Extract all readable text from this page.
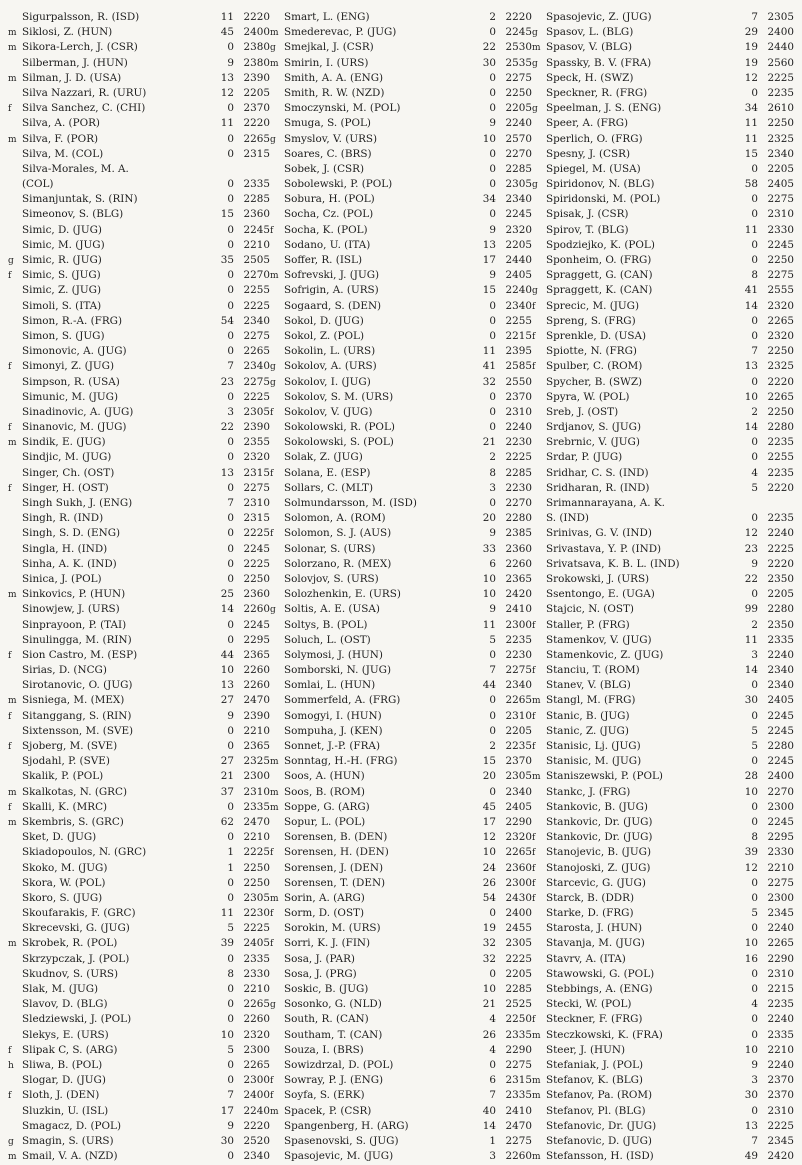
Sigurpalsson, R. (ISD)	11 2220
m Siklosi, Z. (HUN)	45 2400
m Sikora-Lerch, J. (CSR)	0 2380
Silberman, J. (HUN)	9 2380
m Silman, J. D. (USA)	13 2390
Silva Nazzari, R. (URU)	12 2205
f	Silva Sanchez, C. (CHI)	0 2370
Silva, A. (POR)	11 2220
m Silva, F. (POR)	0 2265
Silva, M. (COL)	0 2315
Silva-Morales, M. A.
(COL)	0 2335
Simanjuntak, S. (RIN)	0 2285
Simeonov, S. (BLG)	15 2360
Simic, D. (JUG)	0 2245
Simic, M. (JUG)	0 2210
g Simic, R. (JUG)	35 2505
f	Simic, S. (JUG)	0 2270
Simic, Z. (JUG)	0 2255
Simoli, S. (ITA)	0 2225
Simon, R.-A. (FRG)	54 2340
Simon, S. (JUG)	0 2275
Simonovic, A. (JUG)	0 2265
f	Simonyi, Z. (JUG)	7 2340
Simpson, R. (USA)	23 2275
Simunic, M. (JUG)	0 2225
Sinadinovic, A. (JUG)	3 2305
f	Sinanovic, M. (JUG)	22 2390
m Sindik, E. (JUG)	0 2355
Sindjic, M. (JUG)	0 2320
Singer, Ch. (OST)	13 2315
f	Singer, H. (OST)	0 2275
Singh Sukh, J. (ENG)	7 2310
Singh, R. (IND)	0 2315
Singh, S. D. (ENG)	0 2225
Singla, H. (IND)	0 2245
Sinha, A. K. (IND)	0 2225
Sinica, J. (POL)	0 2250
m Sinkovics, P. (HUN)	25 2360
Sinowjew, J. (URS)	14 2260
Sinprayoon, P. (TAI)	0 2245
Sinulingga, M. (RIN)	0 2295
f	Sion Castro, M. (ESP)	44 2365
Sirias, D. (NCG)	10 2260
Sirotanovic, O. (JUG)	13 2260
m Sisniega, M. (MEX)	27 2470
f	Sitanggang, S. (RIN)	9 2390
Sixtensson, M. (SVE)	0 2210
f	Sjoberg, M. (SVE)	0 2365
Sjodahl, P. (SVE)	27 2325
Skalik, P. (POL)	21 2300
m Skalkotas, N. (GRC)	37 2310
f	Skalli, K. (MRC)	0 2335
m Skembris, S. (GRC)	62 2470
Sket, D. (JUG)	0 2210
Skiadopoulos, N. (GRC)	1 2225
Skoko, M. (JUG)	1 2250
Skora, W. (POL)	0 2250
Skoro, S. (JUG)	0 2305
Skoufarakis, F. (GRC)	11 2230
Skrecevski, G. (JUG)	5 2225
m Skrobek, R. (POL)	39 2405
Skrzypczak, J. (POL)	0 2335
Skudnov, S. (URS)	8 2330
Slak, M. (JUG)	0 2210
Slavov, D. (BLG)	0 2265
Sledziewski, J. (POL)	0 2260
Slekys, E. (URS)	10 2320
f	Slipak C, S. (ARG)	5 2300
h Sliwa, B. (POL)	0 2265
Slogar, D. (JUG)	0 2300
f	Sloth, J. (DEN)	7 2400
Sluzkin, U. (ISL)	17 2240
Smagacz, D. (POL)	9 2220
g Smagin, S. (URS)	30 2520
m Smail, V. A. (NZD)	0 2340
Smart, L. (ENG)	2 2220
m Smederevac, P. (JUG)	0 2245
g Smejkal, J. (CSR)	22 2530
m Smirin, I. (URS)	30 2535
Smith, A. A. (ENG)	0 2275
Smith, R. W. (NZD)	0 2250
Smoczynski, M. (POL)	0 2205
Smuga, S. (POL)	9 2240
g Smyslov, V. (URS)	10 2570
Soares, C. (BRS)	0 2270
Sobek, J. (CSR)	0 2285
Sobolewski, P. (POL)	0 2305
Sobura, H. (POL)	34 2340
Socha, Cz. (POL)	0 2245
f	Socha, K. (POL)	9 2320
Sodano, U. (ITA)	13 2205
Soffer, R. (ISL)	17 2440
m Sofrevski, J. (JUG)	9 2405
Sofrigin, A. (URS)	15 2240
Sogaard, S. (DEN)	0 2340
Sokol, D. (JUG)	0 2255
Sokol, Z. (POL)	0 2215
Sokolin, L. (URS)	11 2395
g Sokolov, A. (URS)	41 2585
g Sokolov, I. (JUG)	32 2550
Sokolov, S. M. (URS)	0 2370
f	Sokolov, V. (JUG)	0 2310
Sokolowski, R. (POL)	0 2240
Sokolowski, S. (POL)	21 2230
Solak, Z. (JUG)	2 2225
f	Solana, E. (ESP)	8 2285
Sollars, C. (MLT)	3 2230
Solmundarsson, M. (ISD)	0 2270
Solomon, A. (ROM)	20 2280
f	Solomon, S. J. (AUS)	9 2385
Solonar, S. (URS)	33 2360
Solorzano, R. (MEX)	6 2260
Solovjov, S. (URS)	10 2365
Solozhenkin, E. (URS)	10 2420
g Soltis, A. E. (USA)	9 2410
Soltys, B. (POL)	11 2300
Soluch, L. (OST)	5 2235
Solymosi, J. (HUN)	0 2230
Somborski, N. (JUG)	7 2275
Somlai, L. (HUN)	44 2340
Sommerfeld, A. (FRG)	0 2265
Somogyi, I. (HUN)	0 2310
Sompuha, J. (KEN)	0 2205
Sonnet, J.-P. (FRA)	2 2235
m Sonntag, H.-H. (FRG)	15 2370
Soos, A. (HUN)	20 2305
m Soos, B. (ROM)	0 2340
m Soppe, G. (ARG)	45 2405
Sopur, L. (POL)	17 2290
Sorensen, B. (DEN)	12 2320
f	Sorensen, H. (DEN)	10 2265
Sorensen, J. (DEN)	24 2360
Sorensen, T. (DEN)	26 2300
m Sorin, A. (ARG)	54 2430
f	Sorm, D. (OST)	0 2400
Sorokin, M. (URS)	19 2455
f	Sorri, K. J. (FIN)	32 2305
Sosa, J. (PAR)	32 2225
Sosa, J. (PRG)	0 2205
Soskic, B. (JUG)	10 2285
g Sosonko, G. (NLD)	21 2525
South, R. (CAN)	4 2250
Southam, T. (CAN)	26 2335
Souza, I. (BRS)	4 2290
Sowizdrzal, D. (POL)	0 2275
f	Sowray, P. J. (ENG)	6 2315
f	Soyfa, S. (ERK)	7 2335
m Spacek, P. (CSR)	40 2410
Spangenberg, H. (ARG)	14 2470
Spasenovski, S. (JUG)	1 2275
Spasojevic, M. (JUG)	3 2260
Spasojevic, Z. (JUG)	7 2305
g Spasov, L. (BLG)	29 2400
m Spasov, V. (BLG)	19 2440
g Spassky, B. V. (FRA)	19 2560
Speck, H. (SWZ)	12 2225
Speckner, R. (FRG)	0 2235
g Speelman, J. S. (ENG)	34 2610
Speer, A. (FRG)	11 2250
Sperlich, O. (FRG)	11 2325
Spesny, J. (CSR)	15 2340
Spiegel, M. (USA)	0 2205
g Spiridonov, N. (BLG)	58 2405
Spiridonski, M. (POL)	0 2275
Spisak, J. (CSR)	0 2310
Spirov, T. (BLG)	11 2330
Spodziejko, K. (POL)	0 2245
Sponheim, O. (FRG)	0 2250
Spraggett, G. (CAN)	8 2275
g Spraggett, K. (CAN)	41 2555
f	Sprecic, M. (JUG)	14 2320
Spreng, S. (FRG)	0 2265
f	Sprenkle, D. (USA)	0 2320
Spiotte, N. (FRG)	7 2250
f	Spulber, C. (ROM)	13 2325
Spycher, B. (SWZ)	0 2220
Spyra, W. (POL)	10 2265
Sreb, J. (OST)	2 2250
Srdjanov, S. (JUG)	14 2280
Srebrnic, V. (JUG)	0 2235
Srdar, P. (JUG)	0 2255
Sridhar, C. S. (IND)	4 2235
Sridharan, R. (IND)	5 2220
Srimannarayana, A. K.
S. (IND)	0 2235
Srinivas, G. V. (IND)	12 2240
Srivastava, Y. P. (IND)	23 2225
Srivatsava, K. B. L. (IND)	9 2220
Srokowski, J. (URS)	22 2350
Ssentongo, E. (UGA)	0 2205
Stajcic, N. (OST)	99 2280
f	Staller, P. (FRG)	2 2350
Stamenkov, V. (JUG)	11 2335
Stamenkovic, Z. (JUG)	3 2240
f	Stanciu, T. (ROM)	14 2340
Stanev, V. (BLG)	0 2340
m Stangl, M. (FRG)	30 2405
f	Stanic, B. (JUG)	0 2245
Stanic, Z. (JUG)	5 2245
f	Stanisic, Lj. (JUG)	5 2280
Stanisic, M. (JUG)	0 2245
m Staniszewski, P. (POL)	28 2400
Stankc, J. (FRG)	10 2270
Stankovic, B. (JUG)	0 2300
Stankovic, Dr. (JUG)	0 2245
f	Stankovic, Dr. (JUG)	8 2295
f	Stanojevic, B. (JUG)	39 2330
f	Stanojoski, Z. (JUG)	12 2210
f	Starcevic, G. (JUG)	0 2275
f	Starck, B. (DDR)	0 2300
Starke, D. (FRG)	5 2345
Starosta, J. (HUN)	0 2240
Stavanja, M. (JUG)	10 2265
Stavrv, A. (ITA)	16 2290
Stawowski, G. (POL)	0 2310
Stebbings, A. (ENG)	0 2215
Stecki, W. (POL)	4 2235
f	Steckner, F. (FRG)	0 2240
m Steczkowski, K. (FRA)	0 2335
Steer, J. (HUN)	10 2210
Stefaniak, J. (POL)	9 2240
m Stefanov, K. (BLG)	3 2370
m Stefanov, Pa. (ROM)	30 2370
Stefanov, Pl. (BLG)	0 2310
Stefanovic, Dr. (JUG)	13 2225
Stefanovic, D. (JUG)	7 2345
m Stefansson, H. (ISD)	49 2420
